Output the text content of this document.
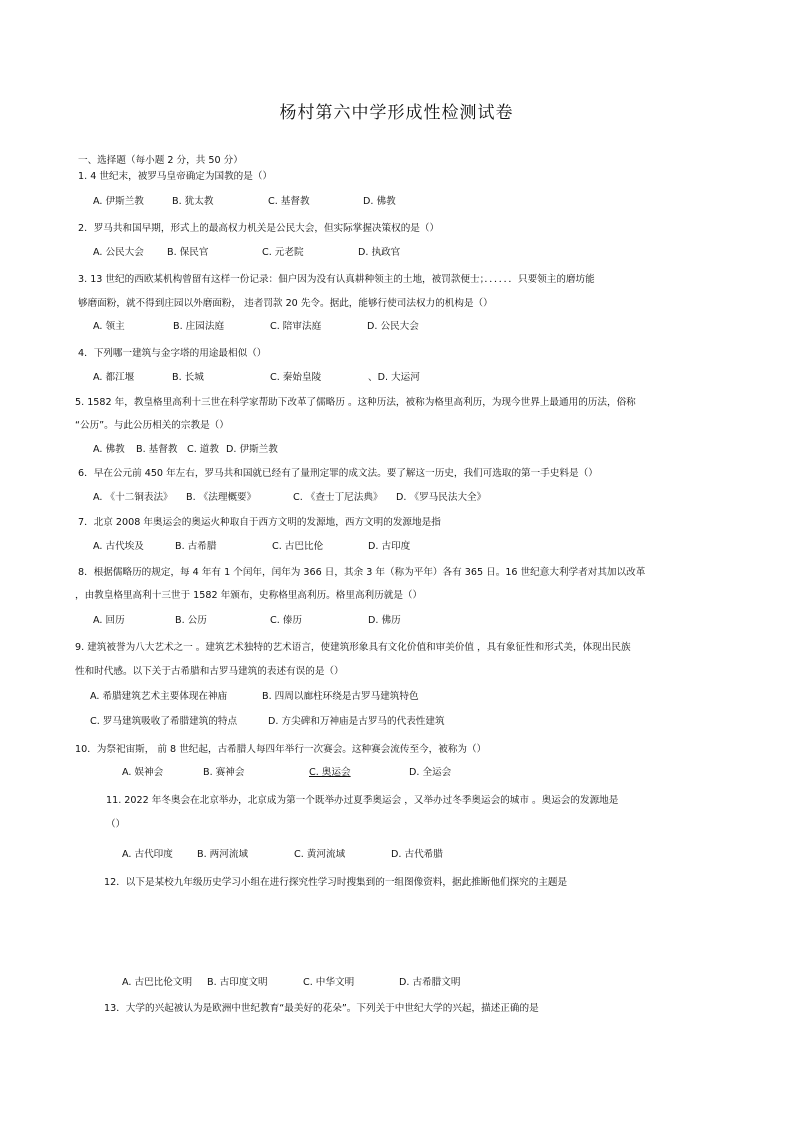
杨村第六中学形成性检测试卷
一、选择题（每小题 2 分，共 50 分）
1. 4 世纪末，被罗马皇帝确定为国教的是（）
A. 伊斯兰教	B. 犹太教	C. 基督教	D. 佛教
2．罗马共和国早期，形式上的最高权力机关是公民大会，但实际掌握决策权的是（）
A. 公民大会 B. 保民官	C. 元老院	D. 执政官
3. 13 世纪的西欧某机构曾留有这样一份记录：佃户因为没有认真耕种领主的土地，被罚款便士；．．．．．．只要领主的磨坊能
够磨面粉，就不得到庄园以外磨面粉， 违者罚款 20 先令。据此，能够行使司法权力的机构是（）
A. 领主	B. 庄园法庭	C. 陪审法庭	D. 公民大会
4．下列哪一建筑与金字塔的用途最相似（）
A. 都江堰	B. 长城	C. 秦始皇陵	、D. 大运河
5. 1582 年，教皇格里高利十三世在科学家帮助下改革了儒略历 。这种历法，被称为格里高利历，为现今世界上最通用的历法，俗称
“公历”。与此公历相关的宗教是（）
A. 佛教 B. 基督教 C. 道教 D. 伊斯兰教
6．早在公元前 450 年左右，罗马共和国就已经有了量刑定罪的成文法。要了解这一历史，我们可选取的第一手史料是（）
A. 《十二铜表法》 B. 《法理概要》	C. 《查士丁尼法典》 D. 《罗马民法大全》
7．北京 2008 年奥运会的奥运火种取自于西方文明的发源地，西方文明的发源地是指
A. 古代埃及	B. 古希腊	C. 古巴比伦	D. 古印度
8．根据儒略历的规定，每 4 年有 1 个闰年，闰年为 366 日，其余 3 年（称为平年）各有 365 日。16 世纪意大利学者对其加以改革
，由教皇格里高利十三世于 1582 年颁布，史称格里高利历。格里高利历就是（）
A. 回历	B. 公历	C. 傣历	D. 佛历
9. 建筑被誉为八大艺术之一 。建筑艺术独特的艺术语言，使建筑形象具有文化价值和审美价值 ，具有象征性和形式美，体现出民族
性和时代感。以下关于古希腊和古罗马建筑的表述有误的是（）
A. 希腊建筑艺术主要体现在神庙	B. 四周以廊柱环绕是古罗马建筑特色
C. 罗马建筑吸收了希腊建筑的特点	D. 方尖碑和万神庙是古罗马的代表性建筑
10．为祭祀宙斯， 前 8 世纪起，古希腊人每四年举行一次赛会。这种赛会流传至今，被称为（）
A. 娱神会	B. 赛神会	C. 奥运会	D. 全运会
11. 2022 年冬奥会在北京举办，北京成为第一个既举办过夏季奥运会 ，又举办过冬季奥运会的城市 。奥运会的发源地是
（）
A. 古代印度	B. 两河流域	C. 黄河流域	D. 古代希腊
12．以下是某校九年级历史学习小组在进行探究性学习时搜集到的一组图像资料，据此推断他们探究的主题是
A. 古巴比伦文明 B. 古印度文明	C. 中华文明	D. 古希腊文明
13．大学的兴起被认为是欧洲中世纪教育“最美好的花朵”。下列关于中世纪大学的兴起，描述正确的是
